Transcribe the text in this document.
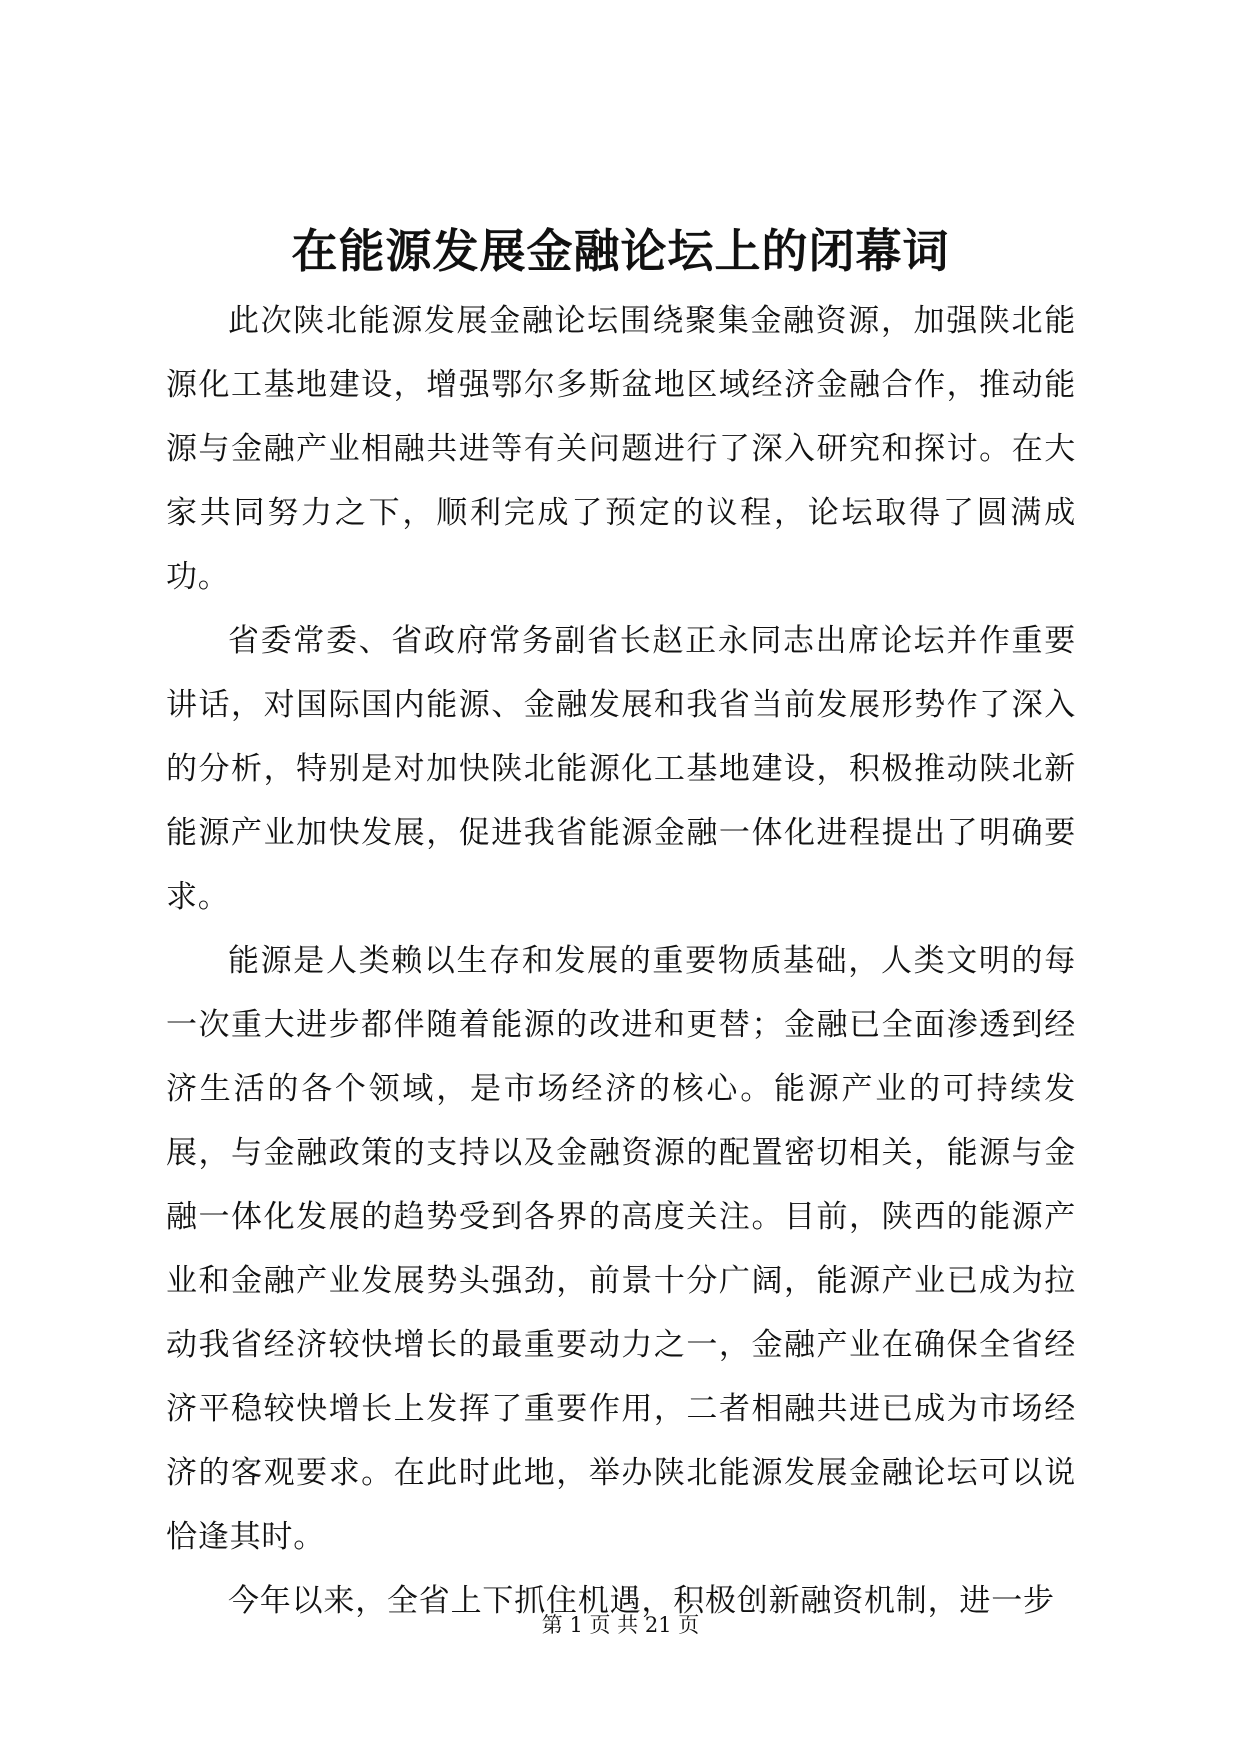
在能源发展金融论坛上的闭幕词

此次陕北能源发展金融论坛围绕聚集金融资源，加强陕北能源化工基地建设，增强鄂尔多斯盆地区域经济金融合作，推动能源与金融产业相融共进等有关问题进行了深入研究和探讨。在大家共同努力之下，顺利完成了预定的议程，论坛取得了圆满成功。

省委常委、省政府常务副省长赵正永同志出席论坛并作重要讲话，对国际国内能源、金融发展和我省当前发展形势作了深入的分析，特别是对加快陕北能源化工基地建设，积极推动陕北新能源产业加快发展，促进我省能源金融一体化进程提出了明确要求。

能源是人类赖以生存和发展的重要物质基础，人类文明的每一次重大进步都伴随着能源的改进和更替；金融已全面渗透到经济生活的各个领域，是市场经济的核心。能源产业的可持续发展，与金融政策的支持以及金融资源的配置密切相关，能源与金融一体化发展的趋势受到各界的高度关注。目前，陕西的能源产业和金融产业发展势头强劲，前景十分广阔，能源产业已成为拉动我省经济较快增长的最重要动力之一，金融产业在确保全省经济平稳较快增长上发挥了重要作用，二者相融共进已成为市场经济的客观要求。在此时此地，举办陕北能源发展金融论坛可以说恰逢其时。

今年以来，全省上下抓住机遇，积极创新融资机制，进一步

第 1 页 共 21 页
